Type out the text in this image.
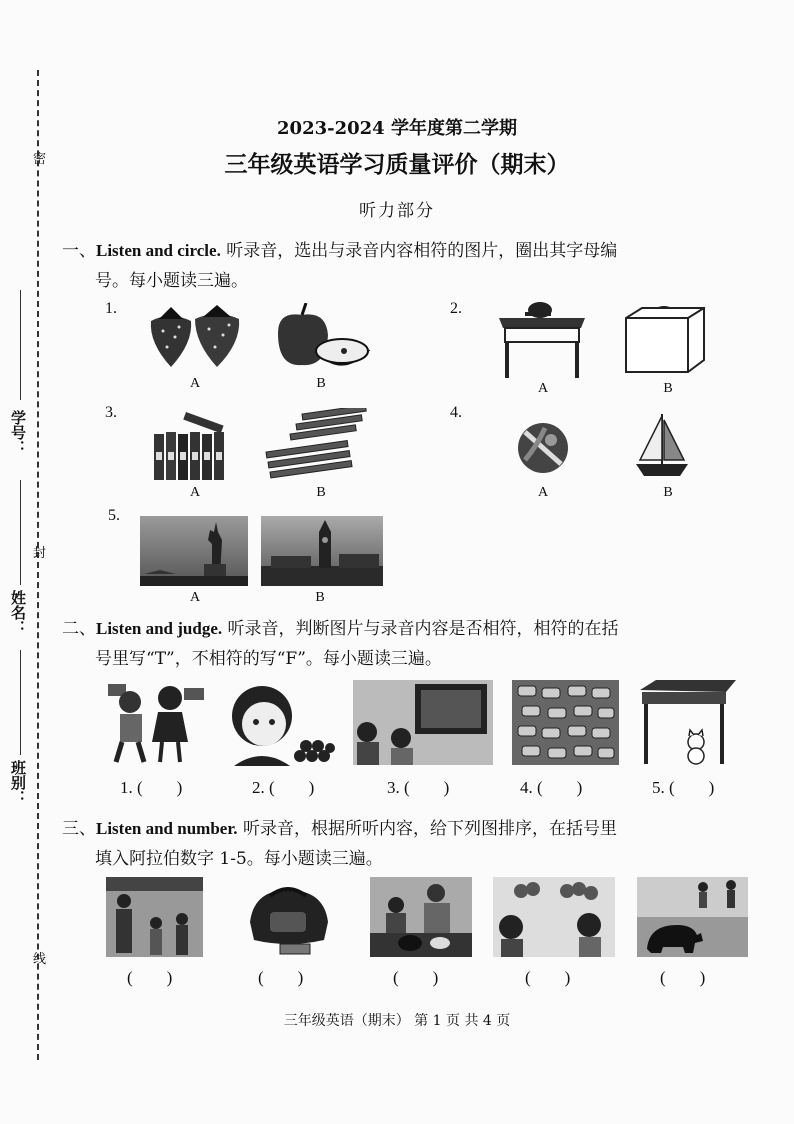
密
封
线
学号：
姓名：
班别：
2023-2024 学年度第二学期
三年级英语学习质量评价（期末）
听力部分
一、Listen and circle. 听录音，选出与录音内容相符的图片，圈出其字母编
号。每小题读三遍。
1.
A	B
2.
A	B
3.
A	B
4.
A	B
5.
A	B
二、Listen and judge. 听录音，判断图片与录音内容是否相符，相符的在括
号里写“T”，不相符的写“F”。每小题读三遍。
1. (        )	2. (        )	3. (        )	4. (        )	5. (        )
三、Listen and number. 听录音，根据所听内容，给下列图排序，在括号里
填入阿拉伯数字 1-5。每小题读三遍。
(        )	(        )	(        )	(        )	(        )
三年级英语（期末） 第 1 页 共 4 页
